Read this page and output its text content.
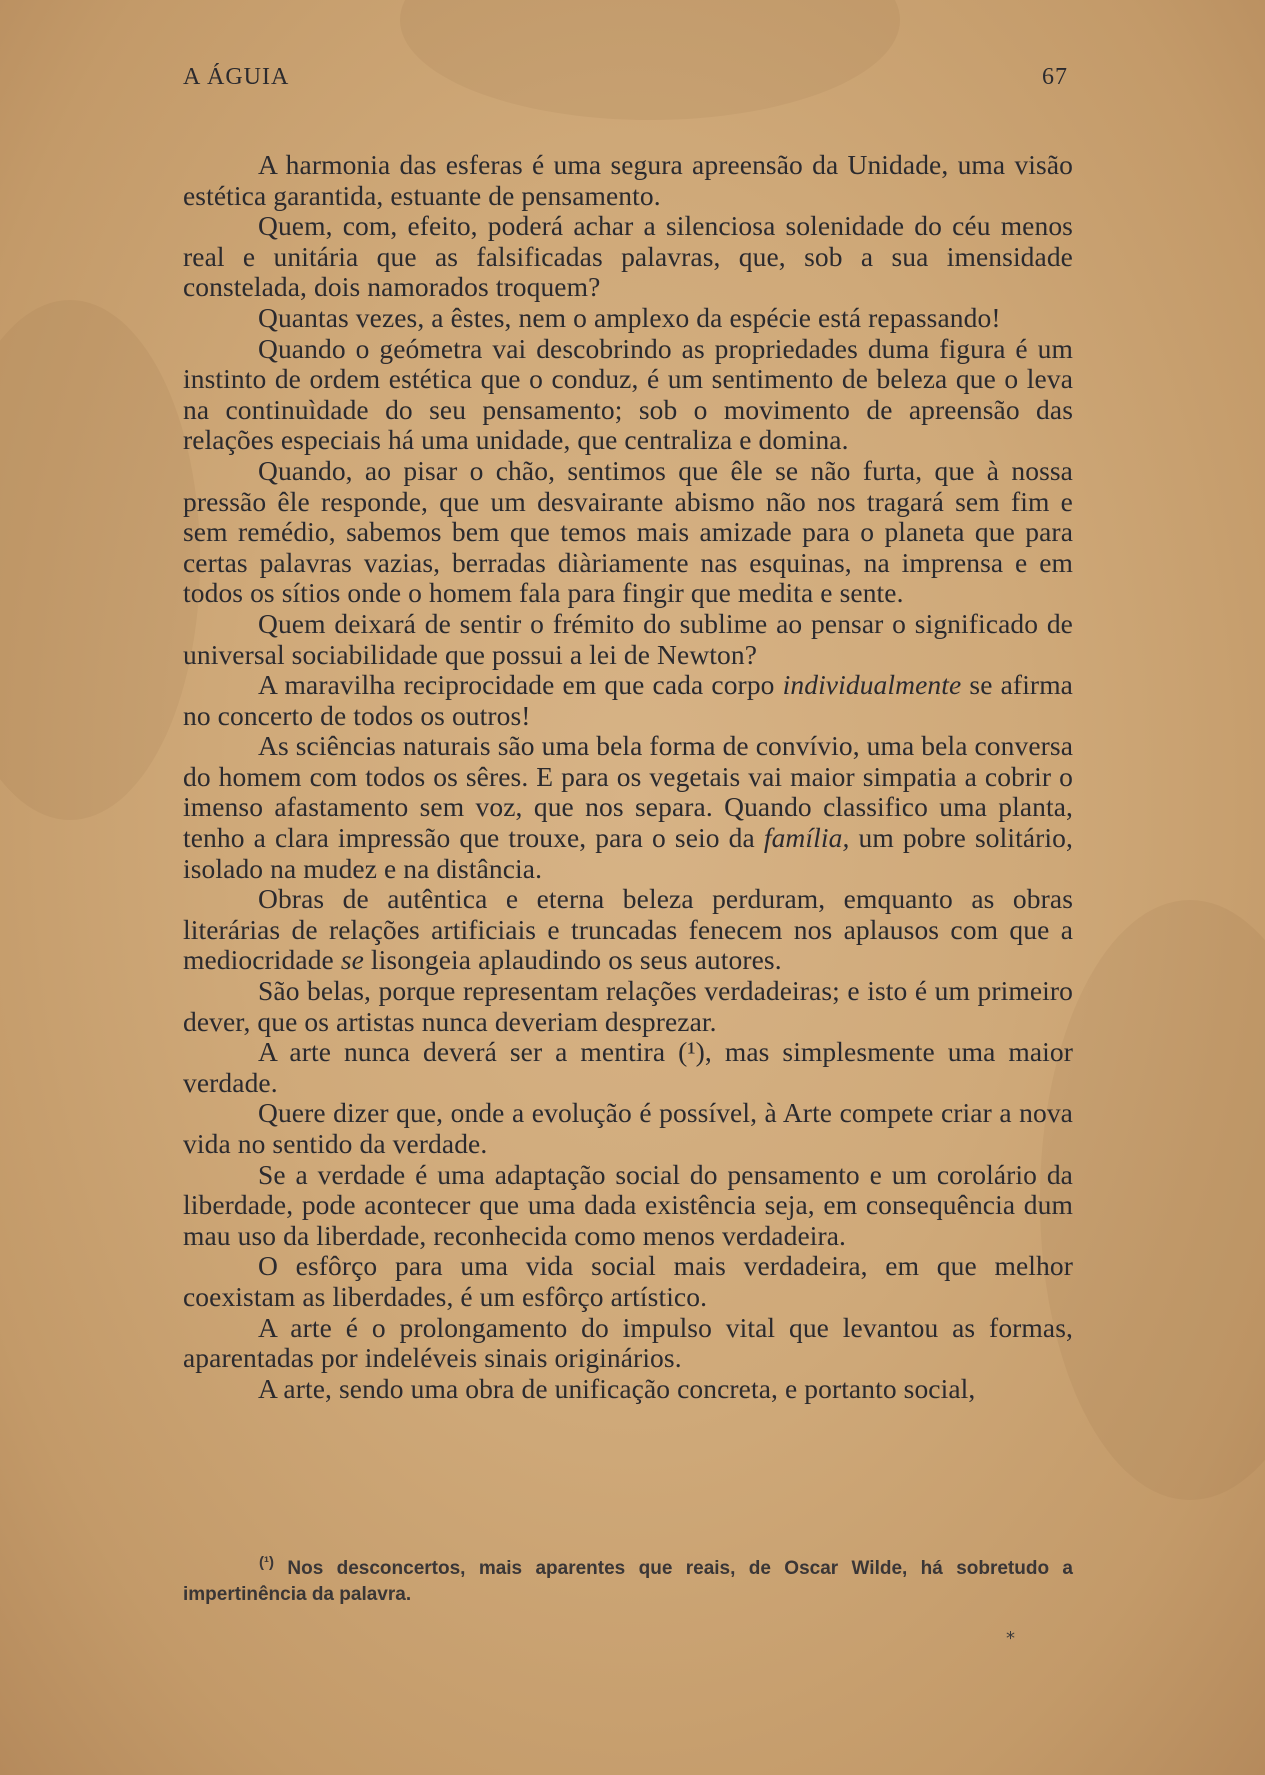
A ÁGUIA	67

A harmonia das esferas é uma segura apreensão da Unidade, uma visão estética garantida, estuante de pensamento.

Quem, com, efeito, poderá achar a silenciosa solenidade do céu menos real e unitária que as falsificadas palavras, que, sob a sua imensidade constelada, dois namorados troquem?

Quantas vezes, a êstes, nem o amplexo da espécie está repassando!

Quando o geómetra vai descobrindo as propriedades duma figura é um instinto de ordem estética que o conduz, é um sentimento de beleza que o leva na continuìdade do seu pensamento; sob o movimento de apreensão das relações especiais há uma unidade, que centraliza e domina.

Quando, ao pisar o chão, sentimos que êle se não furta, que à nossa pressão êle responde, que um desvairante abismo não nos tragará sem fim e sem remédio, sabemos bem que temos mais amizade para o planeta que para certas palavras vazias, berradas diàriamente nas esquinas, na imprensa e em todos os sítios onde o homem fala para fingir que medita e sente.

Quem deixará de sentir o frémito do sublime ao pensar o significado de universal sociabilidade que possui a lei de Newton?

A maravilha reciprocidade em que cada corpo individualmente se afirma no concerto de todos os outros!

As sciências naturais são uma bela forma de convívio, uma bela conversa do homem com todos os sêres. E para os vegetais vai maior simpatia a cobrir o imenso afastamento sem voz, que nos separa. Quando classifico uma planta, tenho a clara impressão que trouxe, para o seio da família, um pobre solitário, isolado na mudez e na distância.

Obras de autêntica e eterna beleza perduram, emquanto as obras literárias de relações artificiais e truncadas fenecem nos aplausos com que a mediocridade se lisongeia aplaudindo os seus autores.

São belas, porque representam relações verdadeiras; e isto é um primeiro dever, que os artistas nunca deveriam desprezar.

A arte nunca deverá ser a mentira (¹), mas simplesmente uma maior verdade.

Quere dizer que, onde a evolução é possível, à Arte compete criar a nova vida no sentido da verdade.

Se a verdade é uma adaptação social do pensamento e um corolário da liberdade, pode acontecer que uma dada existência seja, em consequência dum mau uso da liberdade, reconhecida como menos verdadeira.

O esfôrço para uma vida social mais verdadeira, em que melhor coexistam as liberdades, é um esfôrço artístico.

A arte é o prolongamento do impulso vital que levantou as formas, aparentadas por indeléveis sinais originários.

A arte, sendo uma obra de unificação concreta, e portanto social,

$^{(^1)}$ Nos desconcertos, mais aparentes que reais, de Oscar Wilde, há sobretudo a impertinência da palavra.
*
